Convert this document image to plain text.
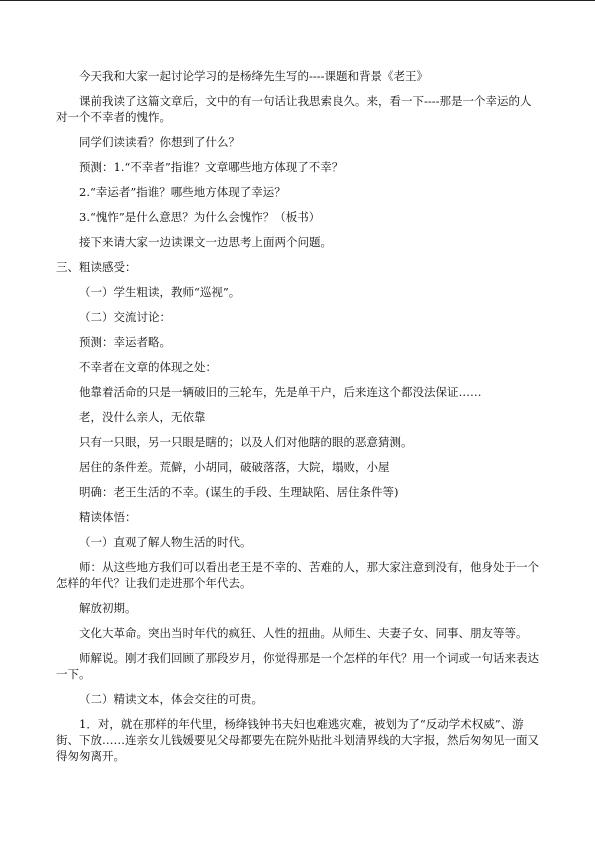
今天我和大家一起讨论学习的是杨绛先生写的----课题和背景《老王》

课前我读了这篇文章后，文中的有一句话让我思索良久。来，看一下----那是一个幸运的人对一个不幸者的愧怍。

同学们读读看？你想到了什么？

预测：1.“不幸者”指谁？文章哪些地方体现了不幸？

2.“幸运者”指谁？哪些地方体现了幸运？

3.“愧怍”是什么意思？为什么会愧怍？（板书）

接下来请大家一边读课文一边思考上面两个问题。

三、粗读感受：

（一）学生粗读，教师“巡视”。

（二）交流讨论：

预测：幸运者略。

不幸者在文章的体现之处：

他靠着活命的只是一辆破旧的三轮车，先是单干户，后来连这个都没法保证……

老，没什么亲人，无依靠

只有一只眼，另一只眼是瞎的；以及人们对他瞎的眼的恶意猜测。

居住的条件差。荒僻，小胡同，破破落落，大院，塌败，小屋

明确：老王生活的不幸。(谋生的手段、生理缺陷、居住条件等)

精读体悟：

（一）直观了解人物生活的时代。

师：从这些地方我们可以看出老王是不幸的、苦难的人，那大家注意到没有，他身处于一个怎样的年代？让我们走进那个年代去。

解放初期。

文化大革命。突出当时年代的疯狂、人性的扭曲。从师生、夫妻子女、同事、朋友等等。

师解说。刚才我们回顾了那段岁月，你觉得那是一个怎样的年代？用一个词或一句话来表达一下。

（二）精读文本，体会交往的可贵。

1．对，就在那样的年代里，杨绛钱钟书夫妇也难逃灾难，被划为了“反动学术权威”、游街、下放……连亲女儿钱媛要见父母都要先在院外贴批斗划清界线的大字报，然后匆匆见一面又得匆匆离开。
